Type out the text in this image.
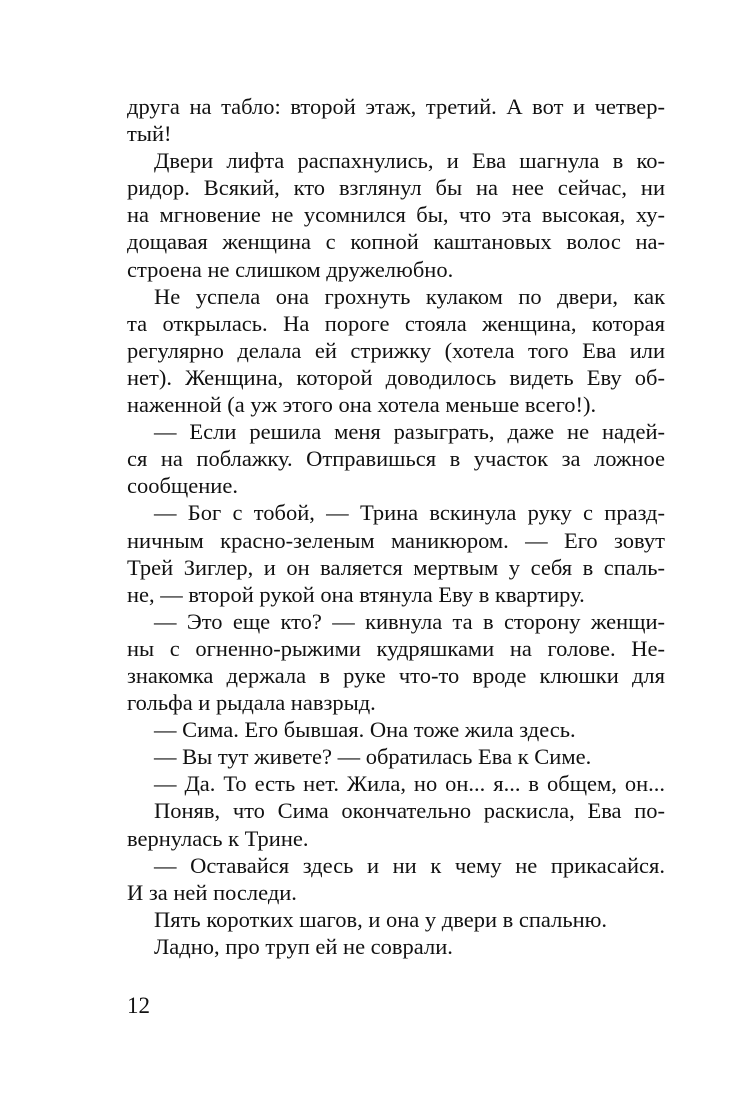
друга на табло: второй этаж, третий. А вот и четвер-
тый!
Двери лифта распахнулись, и Ева шагнула в ко-
ридор. Всякий, кто взглянул бы на нее сейчас, ни
на мгновение не усомнился бы, что эта высокая, ху-
дощавая женщина с копной каштановых волос на-
строена не слишком дружелюбно.
Не успела она грохнуть кулаком по двери, как
та открылась. На пороге стояла женщина, которая
регулярно делала ей стрижку (хотела того Ева или
нет). Женщина, которой доводилось видеть Еву об-
наженной (а уж этого она хотела меньше всего!).
— Если решила меня разыграть, даже не надей-
ся на поблажку. Отправишься в участок за ложное
сообщение.
— Бог с тобой, — Трина вскинула руку с празд-
ничным красно-зеленым маникюром. — Его зовут
Трей Зиглер, и он валяется мертвым у себя в спаль-
не, — второй рукой она втянула Еву в квартиру.
— Это еще кто? — кивнула та в сторону женщи-
ны с огненно-рыжими кудряшками на голове. Не-
знакомка держала в руке что-то вроде клюшки для
гольфа и рыдала навзрыд.
— Сима. Его бывшая. Она тоже жила здесь.
— Вы тут живете? — обратилась Ева к Симе.
— Да. То есть нет. Жила, но он... я... в общем, он...
Поняв, что Сима окончательно раскисла, Ева по-
вернулась к Трине.
— Оставайся здесь и ни к чему не прикасайся.
И за ней последи.
Пять коротких шагов, и она у двери в спальню.
Ладно, про труп ей не соврали.
12
